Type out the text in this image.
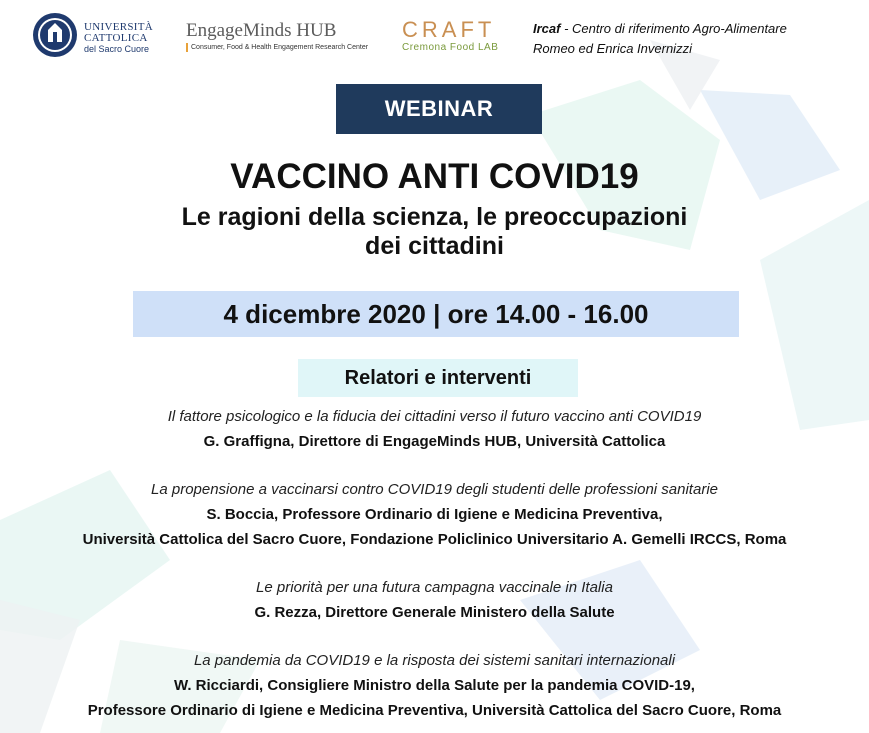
UNIVERSITÀ
CATTOLICA
del Sacro Cuore
EngageMinds HUB
Consumer, Food & Health Engagement Research Center
CRAFT
Cremona Food LAB
Ircaf - Centro di riferimento Agro-Alimentare
Romeo ed Enrica Invernizzi
WEBINAR
VACCINO ANTI COVID19
Le ragioni della scienza, le preoccupazioni
dei cittadini
4 dicembre 2020 | ore 14.00 - 16.00
Relatori e interventi
Il fattore psicologico e la fiducia dei cittadini verso il futuro vaccino anti COVID19
G. Graffigna, Direttore di EngageMinds HUB, Università Cattolica
La propensione a vaccinarsi contro COVID19 degli studenti delle professioni sanitarie
S. Boccia, Professore Ordinario di Igiene e Medicina Preventiva,
Università Cattolica del Sacro Cuore, Fondazione Policlinico Universitario A. Gemelli IRCCS, Roma
Le priorità per una futura campagna vaccinale in Italia
G. Rezza, Direttore Generale Ministero della Salute
La pandemia da COVID19 e la risposta dei sistemi sanitari internazionali
W. Ricciardi, Consigliere Ministro della Salute per la pandemia COVID-19,
Professore Ordinario di Igiene e Medicina Preventiva, Università Cattolica del Sacro Cuore, Roma
